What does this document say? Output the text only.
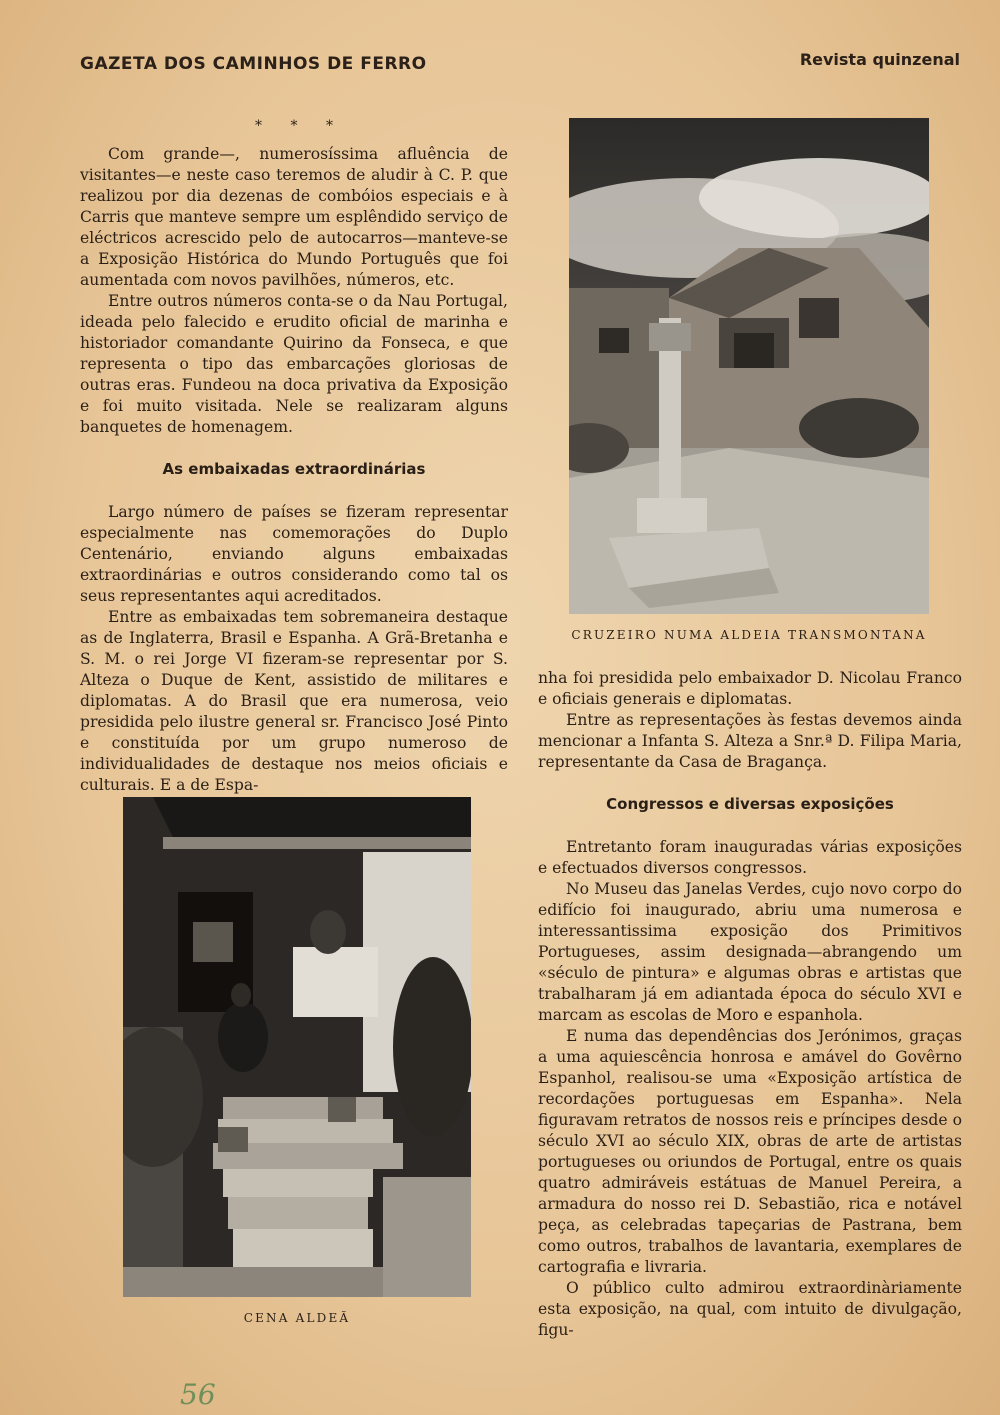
GAZETA DOS CAMINHOS DE FERRO	Revista quinzenal
* * *

Com grande—, numerosíssima afluência de visitantes—e neste caso teremos de aludir à C. P. que realizou por dia dezenas de combóios especiais e à Carris que manteve sempre um esplêndido serviço de eléctricos acrescido pelo de autocarros—manteve-se a Exposição Histórica do Mundo Português que foi aumentada com novos pavilhões, números, etc.

Entre outros números conta-se o da Nau Portugal, ideada pelo falecido e erudito oficial de marinha e historiador comandante Quirino da Fonseca, e que representa o tipo das embarcações gloriosas de outras eras. Fundeou na doca privativa da Exposição e foi muito visitada. Nele se realizaram alguns banquetes de homenagem.

As embaixadas extraordinárias

Largo número de países se fizeram representar especialmente nas comemorações do Duplo Centenário, enviando alguns embaixadas extraordinárias e outros considerando como tal os seus representantes aqui acreditados.

Entre as embaixadas tem sobremaneira destaque as de Inglaterra, Brasil e Espanha. A Grã-Bretanha e S. M. o rei Jorge VI fizeram-se representar por S. Alteza o Duque de Kent, assistido de militares e diplomatas. A do Brasil que era numerosa, veio presidida pelo ilustre general sr. Francisco José Pinto e constituída por um grupo numeroso de individualidades de destaque nos meios oficiais e culturais. E a de Espa-

CRUZEIRO NUMA ALDEIA TRANSMONTANA

nha foi presidida pelo embaixador D. Nicolau Franco e oficiais generais e diplomatas.

Entre as representações às festas devemos ainda mencionar a Infanta S. Alteza a Snr.ª D. Filipa Maria, representante da Casa de Bragança.

Congressos e diversas exposições

Entretanto foram inauguradas várias exposições e efectuados diversos congressos.

No Museu das Janelas Verdes, cujo novo corpo do edifício foi inaugurado, abriu uma numerosa e interessantissima exposição dos Primitivos Portugueses, assim designada—abrangendo um «século de pintura» e algumas obras e artistas que trabalharam já em adiantada época do século XVI e marcam as escolas de Moro e espanhola.

E numa das dependências dos Jerónimos, graças a uma aquiescência honrosa e amável do Govêrno Espanhol, realisou-se uma «Exposição artística de recordações portuguesas em Espanha». Nela figuravam retratos de nossos reis e príncipes desde o século XVI ao século XIX, obras de arte de artistas portugueses ou oriundos de Portugal, entre os quais quatro admiráveis estátuas de Manuel Pereira, a armadura do nosso rei D. Sebastião, rica e notável peça, as celebradas tapeçarias de Pastrana, bem como outros, trabalhos de lavantaria, exemplares de cartografia e livraria.

O público culto admirou extraordinàriamente esta exposição, na qual, com intuito de divulgação, figu-

CENA ALDEÃ
56
